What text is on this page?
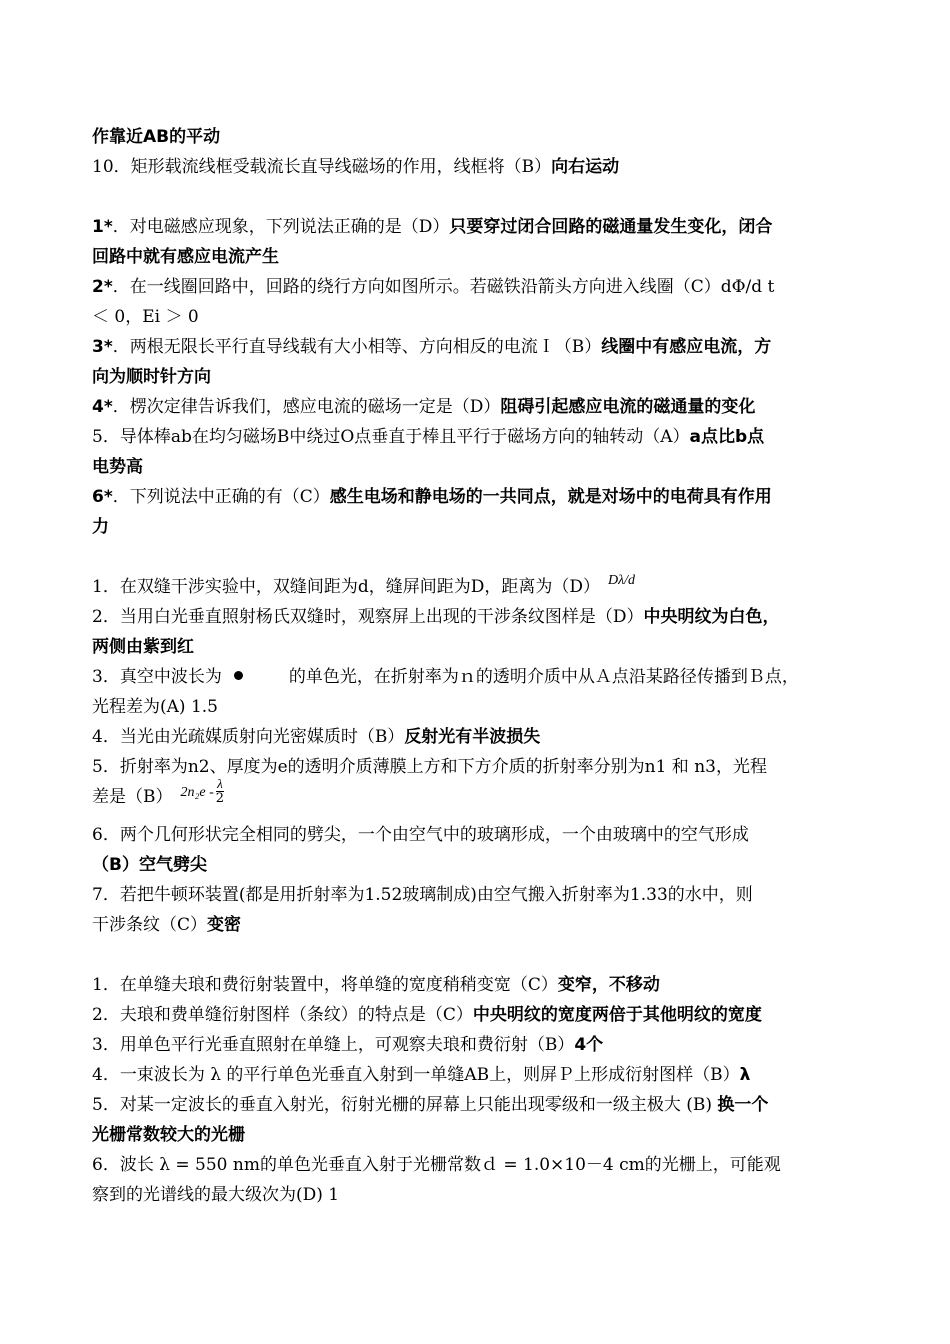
作靠近AB的平动
10．矩形载流线框受载流长直导线磁场的作用，线框将（B）向右运动
1*．对电磁感应现象，下列说法正确的是（D）只要穿过闭合回路的磁通量发生变化，闭合
回路中就有感应电流产生
2*．在一线圈回路中，回路的绕行方向如图所示。若磁铁沿箭头方向进入线圈（C）dΦ/d t
＜ 0，Ei ＞ 0
3*．两根无限长平行直导线载有大小相等、方向相反的电流Ｉ（B）线圈中有感应电流，方
向为顺时针方向
4*．楞次定律告诉我们，感应电流的磁场一定是（D）阻碍引起感应电流的磁通量的变化
5．导体棒ab在均匀磁场B中绕过O点垂直于棒且平行于磁场方向的轴转动（A）a点比b点
电势高
6*．下列说法中正确的有（C）感生电场和静电场的一共同点，就是对场中的电荷具有作用
力
1．在双缝干涉实验中，双缝间距为d，缝屏间距为D，距离为（D） $^{D\lambda/d}$
2．当用白光垂直照射杨氏双缝时，观察屏上出现的干涉条纹图样是（D）中央明纹为白色，
两侧由紫到红
3．真空中波长为	的单色光，在折射率为ｎ的透明介质中从Ａ点沿某路径传播到Ｂ点，
光程差为(A) 1.5
4．当光由光疏媒质射向光密媒质时（B）反射光有半波损失
5．折射率为n2、厚度为e的透明介质薄膜上方和下方介质的折射率分别为n1 和 n3，光程
差是（B） $^{2n_2e -} \frac{\lambda}{2}$
6．两个几何形状完全相同的劈尖，一个由空气中的玻璃形成，一个由玻璃中的空气形成
（B）空气劈尖
7．若把牛顿环装置(都是用折射率为1.52玻璃制成)由空气搬入折射率为1.33的水中，则
干涉条纹（C）变密
1．在单缝夫琅和费衍射装置中，将单缝的宽度稍稍变宽（C）变窄，不移动
2．夫琅和费单缝衍射图样（条纹）的特点是（C）中央明纹的宽度两倍于其他明纹的宽度
3．用单色平行光垂直照射在单缝上，可观察夫琅和费衍射（B）4个
4．一束波长为 λ 的平行单色光垂直入射到一单缝AB上，则屏Ｐ上形成衍射图样（B）λ
5．对某一定波长的垂直入射光，衍射光栅的屏幕上只能出现零级和一级主极大 (B) 换一个
光栅常数较大的光栅
6．波长 λ = 550 nm的单色光垂直入射于光栅常数ｄ = 1.0×10－4 cm的光栅上，可能观
察到的光谱线的最大级次为(D) 1
